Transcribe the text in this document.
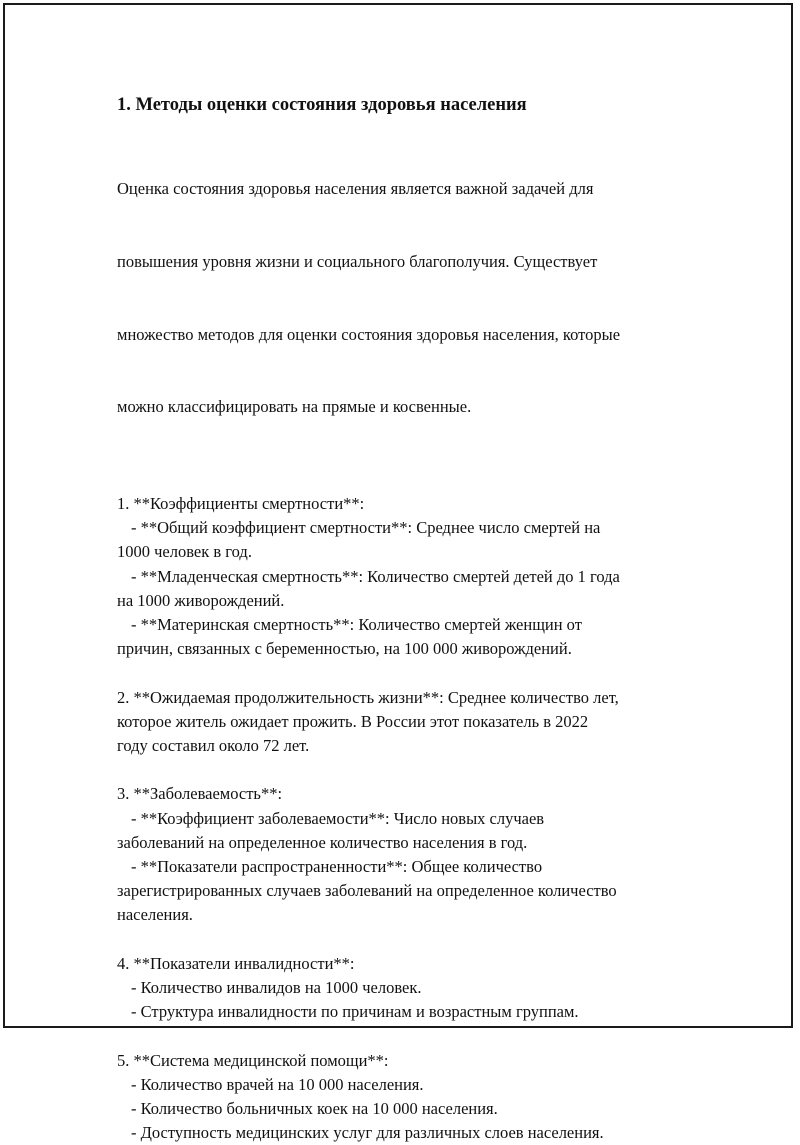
1. Методы оценки состояния здоровья населения

Оценка состояния здоровья населения является важной задачей для

повышения уровня жизни и социального благополучия. Существует

множество методов для оценки состояния здоровья населения, которые

можно классифицировать на прямые и косвенные.

1. **Коэффициенты смертности**:
- **Общий коэффициент смертности**: Среднее число смертей на
1000 человек в год.
- **Младенческая смертность**: Количество смертей детей до 1 года
на 1000 живорождений.
- **Материнская смертность**: Количество смертей женщин от
причин, связанных с беременностью, на 100 000 живорождений.
2. **Ожидаемая продолжительность жизни**: Среднее количество лет,
которое житель ожидает прожить. В России этот показатель в 2022
году составил около 72 лет.
3. **Заболеваемость**:
- **Коэффициент заболеваемости**: Число новых случаев
заболеваний на определенное количество населения в год.
- **Показатели распространенности**: Общее количество
зарегистрированных случаев заболеваний на определенное количество
населения.
4. **Показатели инвалидности**:
- Количество инвалидов на 1000 человек.
- Структура инвалидности по причинам и возрастным группам.
5. **Система медицинской помощи**:
- Количество врачей на 10 000 населения.
- Количество больничных коек на 10 000 населения.
- Доступность медицинских услуг для различных слоев населения.
